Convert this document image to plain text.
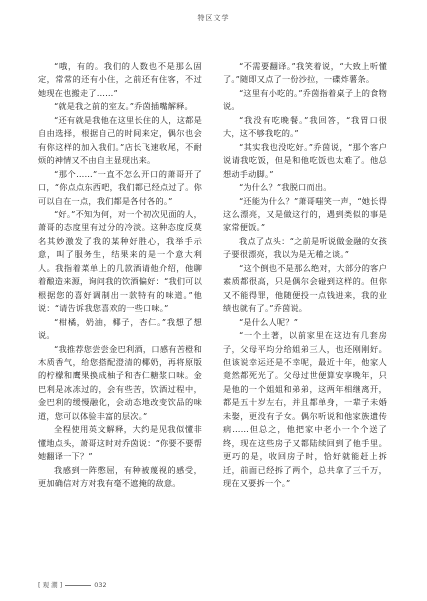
特区文学

“哦，有的。我们的人数也不是那么固定，常常的还有小住，之前还有住客，不过她现在也搬走了……”

“就是我之前的室友。”乔茵插嘴解释。

“还有就是我他在这里长住的人，这都是自由选择，根据自己的时间来定，偶尔也会有你这样的加入我们。”店长飞速收尾，不耐烦的神情又不由自主显现出来。

“那个……”一直不怎么开口的萧哥开了口，“你点点东西吧，我们都已经点过了。你可以自在一点，我们都是各付各的。”

“好。”不知为何，对一个初次见面的人，萧哥的态度里有过分的冷淡。这种态度反莫名其妙激发了我的某种好胜心，我举手示意，叫了服务生，结果来的是一个意大利人。我指着菜单上的几款酒请他介绍，他聊着酿造来源，询问我的饮酒偏好：“我们可以根据您的喜好调制出一款特有的味道。”他说：“请告诉我您喜欢的一些口味。”

“柑橘，奶油，椰子，杏仁。”我想了想说。

“我推荐您尝尝金巴利酒，口感有苦橙和木质香气，给您搭配澄清的椰奶，再将原版的柠檬和鹰果换成柚子和杏仁糖浆口味。金巴利是冰冻过的，会有些苦，饮酒过程中，金巴利的缓慢融化，会动态地改变饮品的味道，您可以体验丰富的层次。”

全程使用英文解释，大约是见我似懂非懂地点头，萧哥这时对乔茵说：“你要不要帮她翻译一下？”

我感到一阵憋屈，有种被蔑视的感受，更加确信对方对我有毫不遮掩的敌意。

“不需要翻译。”我笑着说，“大致上听懂了。”随即又点了一份沙拉，一碟炸薯条。

“这里有小吃的。”乔茵指着桌子上的食物说。

“我没有吃晚餐。”我回答，“我胃口很大，这不够我吃的。”

“其实我也没吃好。”乔茵说，“那个客户说请我吃饭，但是和他吃饭也太难了。他总想动手动脚。”

“为什么？”我脱口而出。

“还能为什么？”萧哥嗤笑一声，“她长得这么漂亮，又是做这行的，遇到类似的事是家常便饭。”

我点了点头：“之前是听说做金融的女孩子要很漂亮，我以为是无稽之谈。”

“这个倒也不是那么绝对，大部分的客户素质都很高，只是偶尔会碰到这样的。但你又不能得罪，他随便投一点钱进来，我的业绩也就有了。”乔茵说。

“是什么人呢？”

“一个土著，以前家里在这边有几套房子，父母平均分给姐弟三人，也还刚刚好。但该说幸运还是不幸呢，最近十年，他家人竟然都死光了。父母过世便算安享晚年，只是他的一个姐姐和弟弟，这两年相继离开，都是五十岁左右，并且都单身，一辈子未婚未娶，更没有子女。偶尔听说和他家族遗传病……但总之，他把家中老小一个个送了终，现在这些房子又都陆续回到了他手里。更巧的是，收回房子时，恰好就能赶上拆迁，前面已经拆了两个，总共拿了三千万，现在又要拆一个。”

[ 观 潮 ]	032
